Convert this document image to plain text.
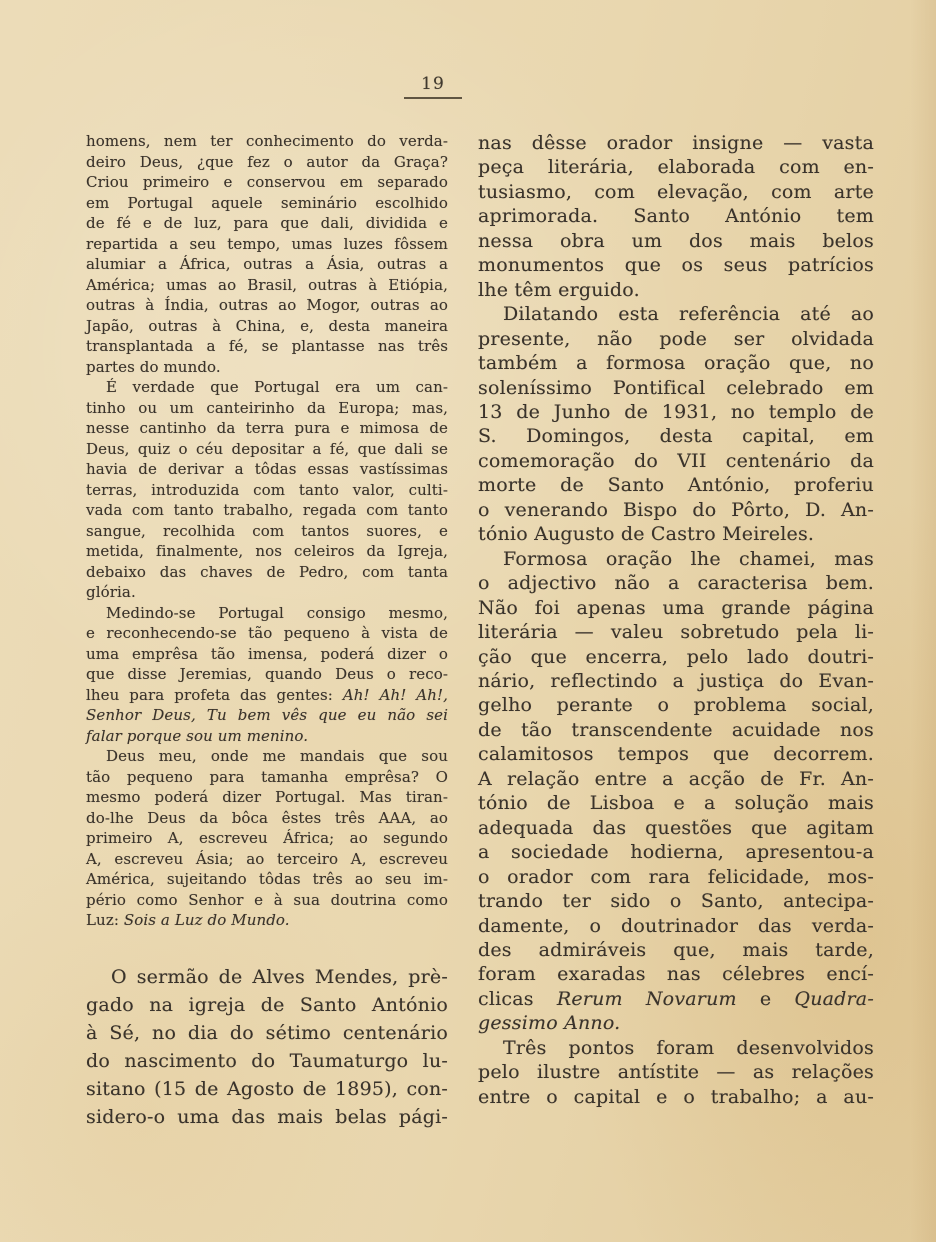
19
homens, nem ter conhecimento do verda-
deiro Deus, ¿que fez o autor da Graça?
Criou primeiro e conservou em separado
em Portugal aquele seminário escolhido
de fé e de luz, para que dali, dividida e
repartida a seu tempo, umas luzes fôssem
alumiar a África, outras a Ásia, outras a
América; umas ao Brasil, outras à Etiópia,
outras à Índia, outras ao Mogor, outras ao
Japão, outras à China, e, desta maneira
transplantada a fé, se plantasse nas três
partes do mundo.
É verdade que Portugal era um can-
tinho ou um canteirinho da Europa; mas,
nesse cantinho da terra pura e mimosa de
Deus, quiz o céu depositar a fé, que dali se
havia de derivar a tôdas essas vastíssimas
terras, introduzida com tanto valor, culti-
vada com tanto trabalho, regada com tanto
sangue, recolhida com tantos suores, e
metida, finalmente, nos celeiros da Igreja,
debaixo das chaves de Pedro, com tanta
glória.
Medindo-se Portugal consigo mesmo,
e reconhecendo-se tão pequeno à vista de
uma emprêsa tão imensa, poderá dizer o
que disse Jeremias, quando Deus o reco-
lheu para profeta das gentes: Ah! Ah! Ah!,
Senhor Deus, Tu bem vês que eu não sei
falar porque sou um menino.
Deus meu, onde me mandais que sou
tão pequeno para tamanha emprêsa? O
mesmo poderá dizer Portugal. Mas tiran-
do-lhe Deus da bôca êstes três AAA, ao
primeiro A, escreveu África; ao segundo
A, escreveu Ásia; ao terceiro A, escreveu
América, sujeitando tôdas três ao seu im-
pério como Senhor e à sua doutrina como
Luz: Sois a Luz do Mundo.
O sermão de Alves Mendes, prè-
gado na igreja de Santo António
à Sé, no dia do sétimo centenário
do nascimento do Taumaturgo lu-
sitano (15 de Agosto de 1895), con-
sidero-o uma das mais belas pági-
nas dêsse orador insigne — vasta
peça literária, elaborada com en-
tusiasmo, com elevação, com arte
aprimorada. Santo António tem
nessa obra um dos mais belos
monumentos que os seus patrícios
lhe têm erguido.
Dilatando esta referência até ao
presente, não pode ser olvidada
também a formosa oração que, no
soleníssimo Pontifical celebrado em
13 de Junho de 1931, no templo de
S. Domingos, desta capital, em
comemoração do VII centenário da
morte de Santo António, proferiu
o venerando Bispo do Pôrto, D. An-
tónio Augusto de Castro Meireles.
Formosa oração lhe chamei, mas
o adjectivo não a caracterisa bem.
Não foi apenas uma grande página
literária — valeu sobretudo pela li-
ção que encerra, pelo lado doutri-
nário, reflectindo a justiça do Evan-
gelho perante o problema social,
de tão transcendente acuidade nos
calamitosos tempos que decorrem.
A relação entre a acção de Fr. An-
tónio de Lisboa e a solução mais
adequada das questões que agitam
a sociedade hodierna, apresentou-a
o orador com rara felicidade, mos-
trando ter sido o Santo, antecipa-
damente, o doutrinador das verda-
des admiráveis que, mais tarde,
foram exaradas nas célebres encí-
clicas Rerum Novarum e Quadra-
gessimo Anno.
Três pontos foram desenvolvidos
pelo ilustre antístite — as relações
entre o capital e o trabalho; a au-
